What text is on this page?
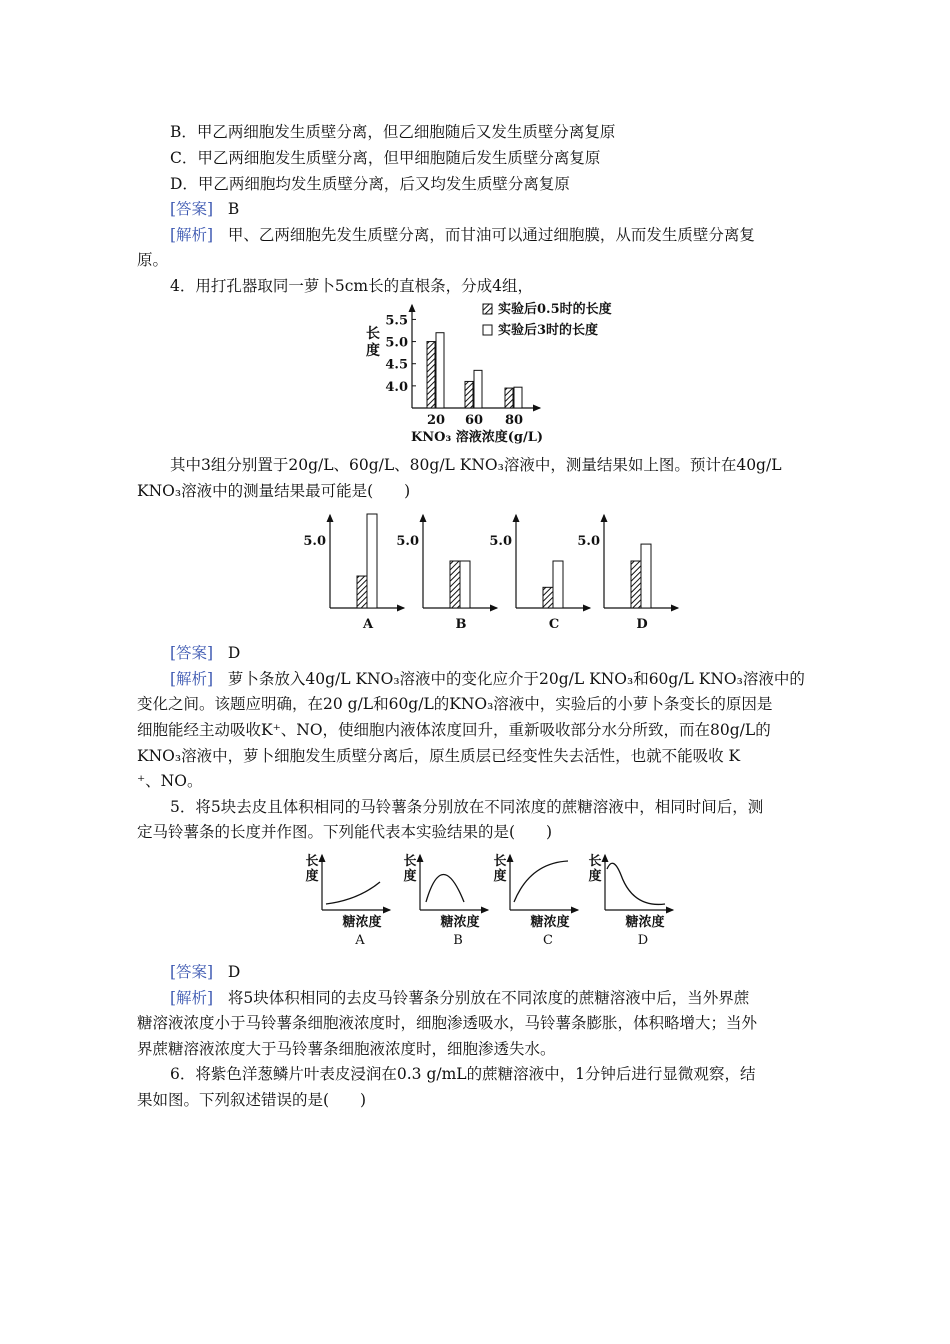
B．甲乙两细胞发生质壁分离，但乙细胞随后又发生质壁分离复原
C．甲乙两细胞发生质壁分离，但甲细胞随后发生质壁分离复原
D．甲乙两细胞均发生质壁分离，后又均发生质壁分离复原
[答案] B
[解析] 甲、乙两细胞先发生质壁分离，而甘油可以通过细胞膜，从而发生质壁分离复
原。
4．用打孔器取同一萝卜5cm长的直根条，分成4组，
长
度
5.5
5.0
4.5
4.0
20 60 80
KNO₃ 溶液浓度(g/L)
实验后0.5时的长度
实验后3时的长度
其中3组分别置于20g/L、60g/L、80g/L KNO₃溶液中，测量结果如上图。预计在40g/L
KNO₃溶液中的测量结果最可能是(　　)
5.0
A
5.0
B
5.0
C
5.0
D
[答案] D
[解析] 萝卜条放入40g/L KNO₃溶液中的变化应介于20g/L KNO₃和60g/L KNO₃溶液中的
变化之间。该题应明确，在20 g/L和60g/L的KNO₃溶液中，实验后的小萝卜条变长的原因是
细胞能经主动吸收K⁺、NO，使细胞内液体浓度回升，重新吸收部分水分所致，而在80g/L的
KNO₃溶液中，萝卜细胞发生质壁分离后，原生质层已经变性失去活性，也就不能吸收 K
⁺、NO。
5．将5块去皮且体积相同的马铃薯条分别放在不同浓度的蔗糖溶液中，相同时间后，测
定马铃薯条的长度并作图。下列能代表本实验结果的是(　　)
长
度
糖浓度
A
长
度
糖浓度
B
长
度
糖浓度
C
长
度
糖浓度
D
[答案] D
[解析] 将5块体积相同的去皮马铃薯条分别放在不同浓度的蔗糖溶液中后，当外界蔗
糖溶液浓度小于马铃薯条细胞液浓度时，细胞渗透吸水，马铃薯条膨胀，体积略增大；当外
界蔗糖溶液浓度大于马铃薯条细胞液浓度时，细胞渗透失水。
6．将紫色洋葱鳞片叶表皮浸润在0.3 g/mL的蔗糖溶液中，1分钟后进行显微观察，结
果如图。下列叙述错误的是(　　)
